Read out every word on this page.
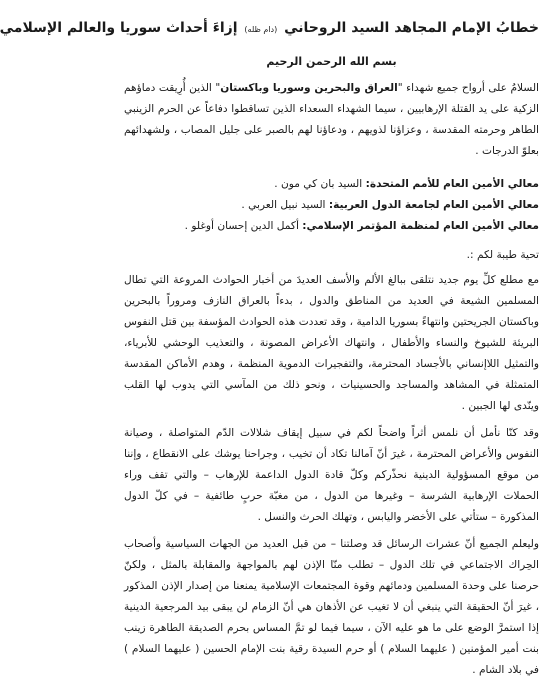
خطابُ الإمام المجاهد السيد الروحاني (دام ظله) إزاءَ أحداث سوريا والعالم الإسلامي
بسم الله الرحمن الرحيم

السلامُ على أرواح جميع شهداء "العراق والبحرين وسوريا وباكستان" الذين أُرِيقت دماؤهم الزكية على يد القتلة الإرهابيين ، سيما الشهداء السعداء الذين تساقطوا دفاعاً عن الحرم الزينبي الطاهر وحرمته المقدسة ، وعزاؤنا لذويهم ، ودعاؤنا لهم بالصبر على جليل المصاب ، ولشهدائهم بعلوّ الدرجات .

معالي الأمين العام للأمم المتحدة: السيد بان كي مون .
معالي الأمين العام لجامعة الدول العربية: السيد نبيل العربي .
معالي الأمين العام لمنظمة المؤتمر الإسلامي: أكمل الدين إحسان أوغلو .
تحية طيبة لكم :.

مع مطلع كلِّ يوم جديد نتلقى ببالغ الألم والأسف العديدَ من أخبار الحوادث المروعة التي تطال المسلمين الشيعة في العديد من المناطق والدول ، بدءاً بالعراق النازف ومروراً بالبحرين وباكستان الجريحتين وانتهاءً بسوريا الدامية ، وقد تعددت هذه الحوادث المؤسفة بين قتل النفوس البريئة للشيوخ والنساء والأطفال ، وانتهاك الأعراض المصونة ، والتعذيب الوحشي للأبرياء، والتمثيل اللاإنساني بالأجساد المحترمة، والتفجيرات الدموية المنظمة ، وهدم الأماكن المقدسة المتمثلة في المشاهد والمساجد والحسينيات ، ونحو ذلك من المآسي التي يدوب لها القلب وينّدى لها الجبين .

وقد كنّا نأمل أن نلمس أثراً واضحاً لكم في سبيل إيقاف شلالات الدّم المتواصلة ، وصيانة النفوس والأعراض المحترمة ، غيرَ أنّ آمالنا تكاد أن تخيب ، وجراحنا يوشك على الانقطاع ، وإننا من موقع المسؤولية الدينية نحذّركم وكلّ قادة الدول الداعمة للإرهاب – والتي تقف وراء الحملات الإرهابية الشرسة – وغيرها من الدول ، من مغبّة حربٍ طائفية – في كلّ الدول المذكورة – ستأتي على الأخضر واليابس ، وتهلك الحرث والنسل .

وليعلم الجميع أنّ عشرات الرسائل قد وصلتنا – من قبل العديد من الجهات السياسية وأصحاب الحِراك الاجتماعي في تلك الدول – تطلب منّا الإذن لهم بالمواجهة والمقابلة بالمثل ، ولكنّ حرصنا على وحدة المسلمين ودمائهم وقوة المجتمعات الإسلامية يمنعنا من إصدار الإذن المذكور ، غيرَ أنّ الحقيقة التي ينبغي أن لا تغيب عن الأذهان هي أنّ الزمام لن يبقى بيد المرجعية الدينية إذا استمرَّ الوضع على ما هو عليه الآن ، سيما فيما لو تمَّ المساس بحرم الصديقة الطاهرة زينب بنت أمير المؤمنين ( عليهما السلام ) أو حرم السيدة رقية بنت الإمام الحسين ( عليهما السلام ) في بلاد الشام .
